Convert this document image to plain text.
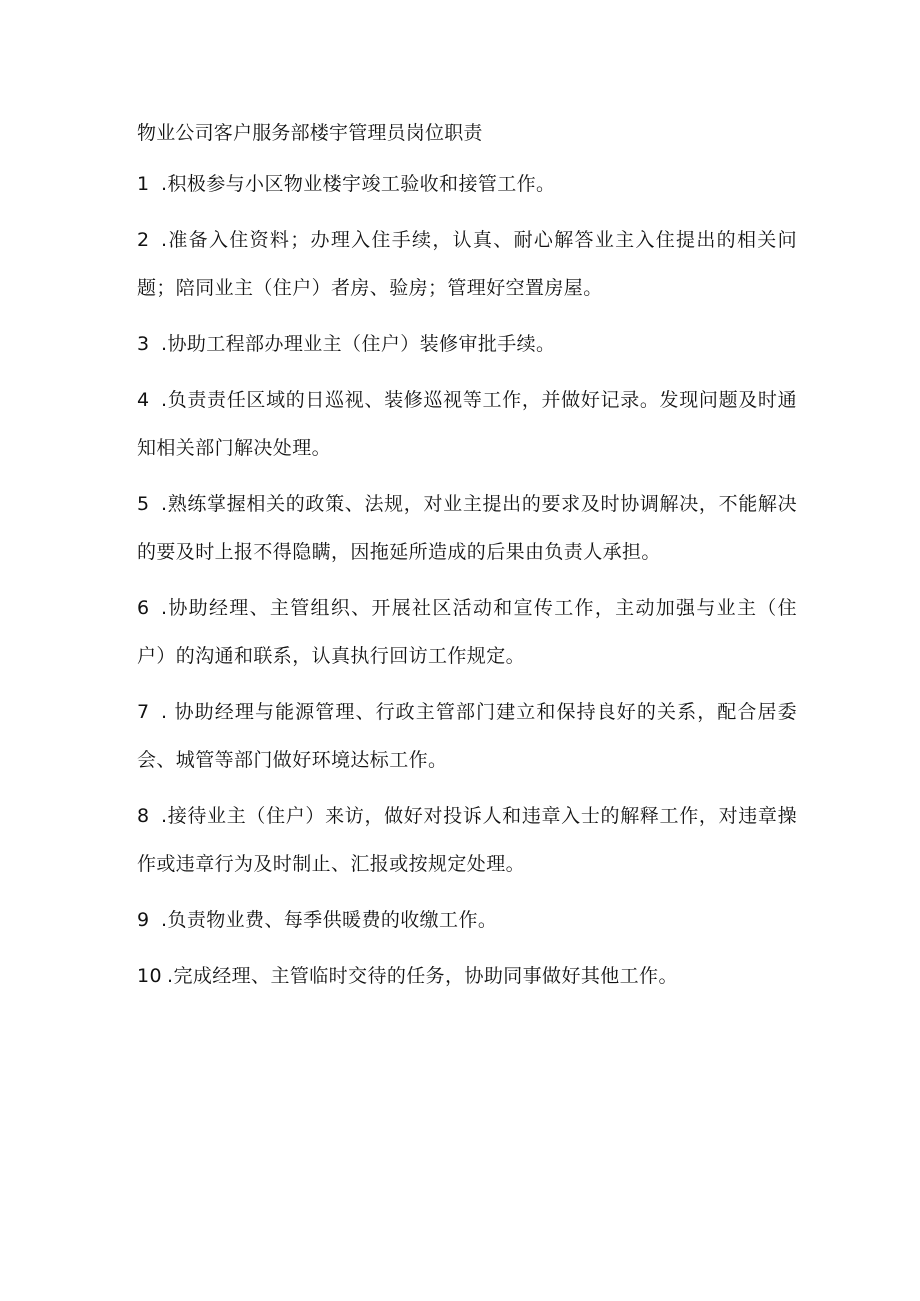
物业公司客户服务部楼宇管理员岗位职责
1 .积极参与小区物业楼宇竣工验收和接管工作。
2 .准备入住资料；办理入住手续，认真、耐心解答业主入住提出的相关问题；陪同业主（住户）者房、验房；管理好空置房屋。
3 .协助工程部办理业主（住户）装修审批手续。
4 .负责责任区域的日巡视、装修巡视等工作，并做好记录。发现问题及时通知相关部门解决处理。
5 .熟练掌握相关的政策、法规，对业主提出的要求及时协调解决，不能解决的要及时上报不得隐瞒，因拖延所造成的后果由负责人承担。
6 .协助经理、主管组织、开展社区活动和宣传工作，主动加强与业主（住户）的沟通和联系，认真执行回访工作规定。
7 . 协助经理与能源管理、行政主管部门建立和保持良好的关系，配合居委会、城管等部门做好环境达标工作。
8 .接待业主（住户）来访，做好对投诉人和违章入士的解释工作，对违章操作或违章行为及时制止、汇报或按规定处理。
9 .负责物业费、每季供暖费的收缴工作。
10 .完成经理、主管临时交待的任务，协助同事做好其他工作。
